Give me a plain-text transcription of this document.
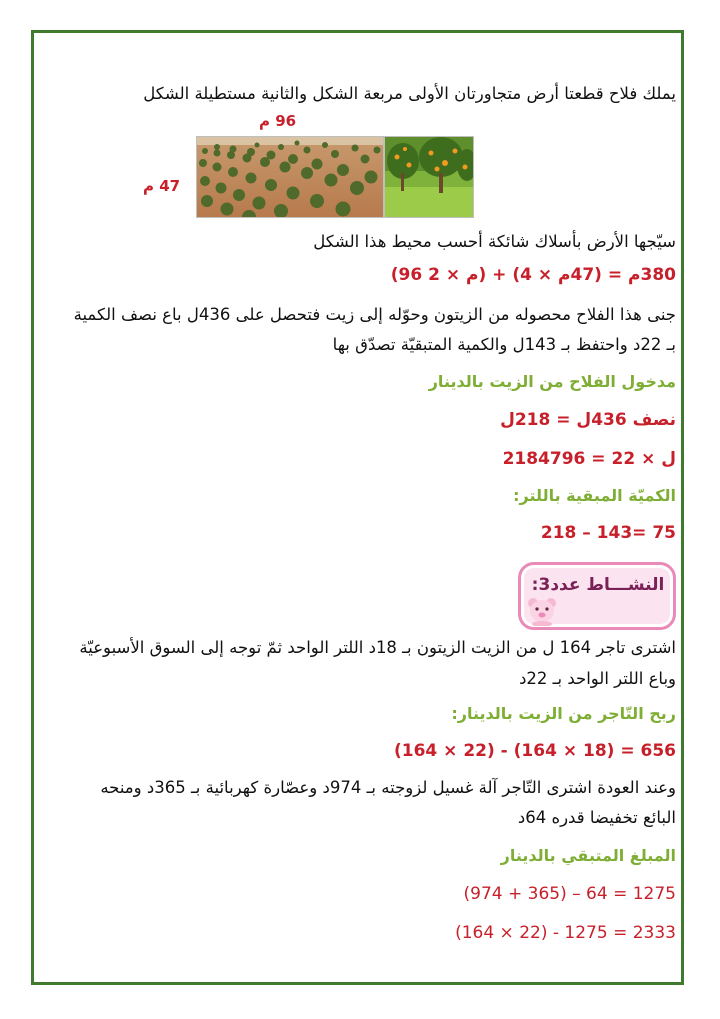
يملك فلاح قطعتا أرض متجاورتان الأولى مربعة الشكل والثانية مستطيلة الشكل
96 م
47 م
سيّجها الأرض بأسلاك شائكة أحسب محيط هذا الشكل
(96 م × 2) + (47م × 4) = 380م
جنى هذا الفلاح محصوله من الزيتون وحوّله إلى زيت فتحصل على 436ل باع نصف الكمية
بـ 22د واحتفظ بـ 143ل والكمية المتبقيّة تصدّق بها
مدخول الفلاح من الزيت بالدينار
نصف 436ل = 218ل
218ل × 22 = 4796
الكميّة المبقية باللتر:
218 – 143= 75
النشـــاط عدد3:
اشترى تاجر 164 ل من الزيت الزيتون بـ 18د اللتر الواحد ثمّ توجه إلى السوق الأسبوعيّة
وباع اللتر الواحد بـ 22د
ربح التّاجر من الزيت بالدينار:
(164 × 22) - (164 × 18) = 656
وعند العودة اشترى التّاجر آلة غسيل لزوجته بـ 974د وعصّارة كهربائية بـ 365د ومنحه
البائع تخفيضا قدره 64د
المبلغ المتبقي بالدينار
(974 + 365) – 64 = 1275
(164 × 22) - 1275 = 2333
